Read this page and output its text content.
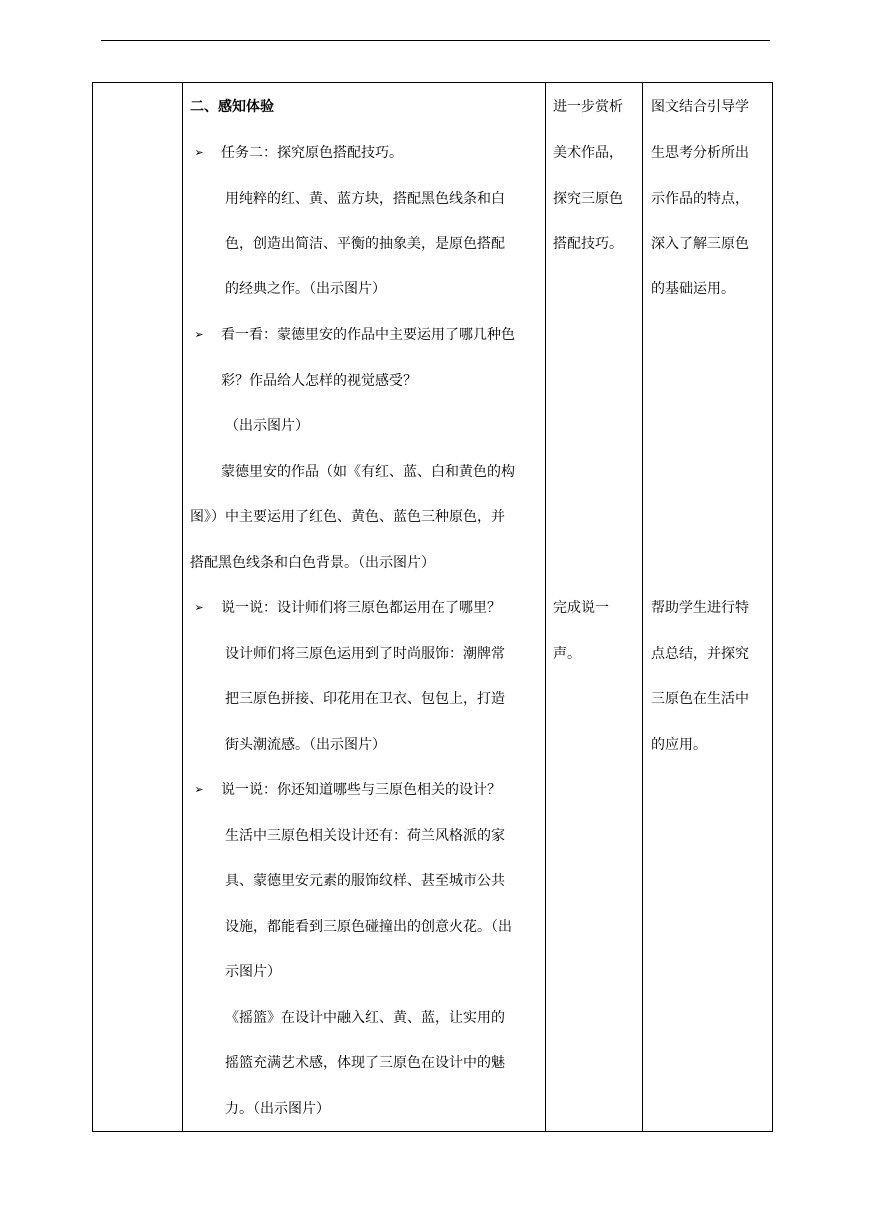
二、感知体验
➢ 任务二：探究原色搭配技巧。
用纯粹的红、黄、蓝方块，搭配黑色线条和白
色，创造出简洁、平衡的抽象美，是原色搭配
的经典之作。（出示图片）
➢ 看一看：蒙德里安的作品中主要运用了哪几种色
彩？作品给人怎样的视觉感受？
（出示图片）
蒙德里安的作品（如《有红、蓝、白和黄色的构
图》）中主要运用了红色、黄色、蓝色三种原色，并
搭配黑色线条和白色背景。（出示图片）
➢ 说一说：设计师们将三原色都运用在了哪里？
设计师们将三原色运用到了时尚服饰：潮牌常
把三原色拼接、印花用在卫衣、包包上，打造
街头潮流感。（出示图片）
➢ 说一说：你还知道哪些与三原色相关的设计？
生活中三原色相关设计还有：荷兰风格派的家
具、蒙德里安元素的服饰纹样、甚至城市公共
设施，都能看到三原色碰撞出的创意火花。（出
示图片）
《摇篮》在设计中融入红、黄、蓝，让实用的
摇篮充满艺术感，体现了三原色在设计中的魅
力。（出示图片）
进一步赏析
美术作品，
探究三原色
搭配技巧。
完成说一
声。
图文结合引导学
生思考分析所出
示作品的特点，
深入了解三原色
的基础运用。
帮助学生进行特
点总结，并探究
三原色在生活中
的应用。
